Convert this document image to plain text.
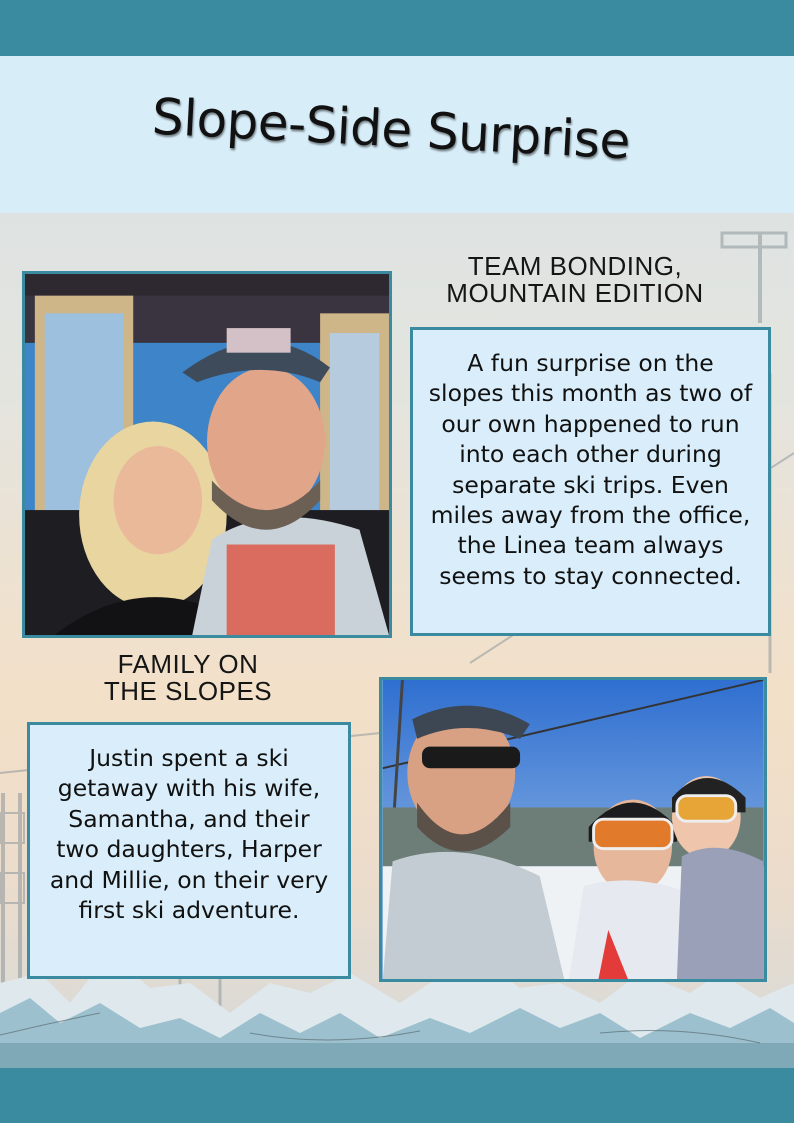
Slope-Side Surprise
TEAM BONDING,
MOUNTAIN EDITION
A fun surprise on the slopes this month as two of our own happened to run into each other during separate ski trips. Even miles away from the office, the Linea team always seems to stay connected.
FAMILY ON
THE SLOPES
Justin spent a ski getaway with his wife, Samantha, and their two daughters, Harper and Millie, on their very first ski adventure.
